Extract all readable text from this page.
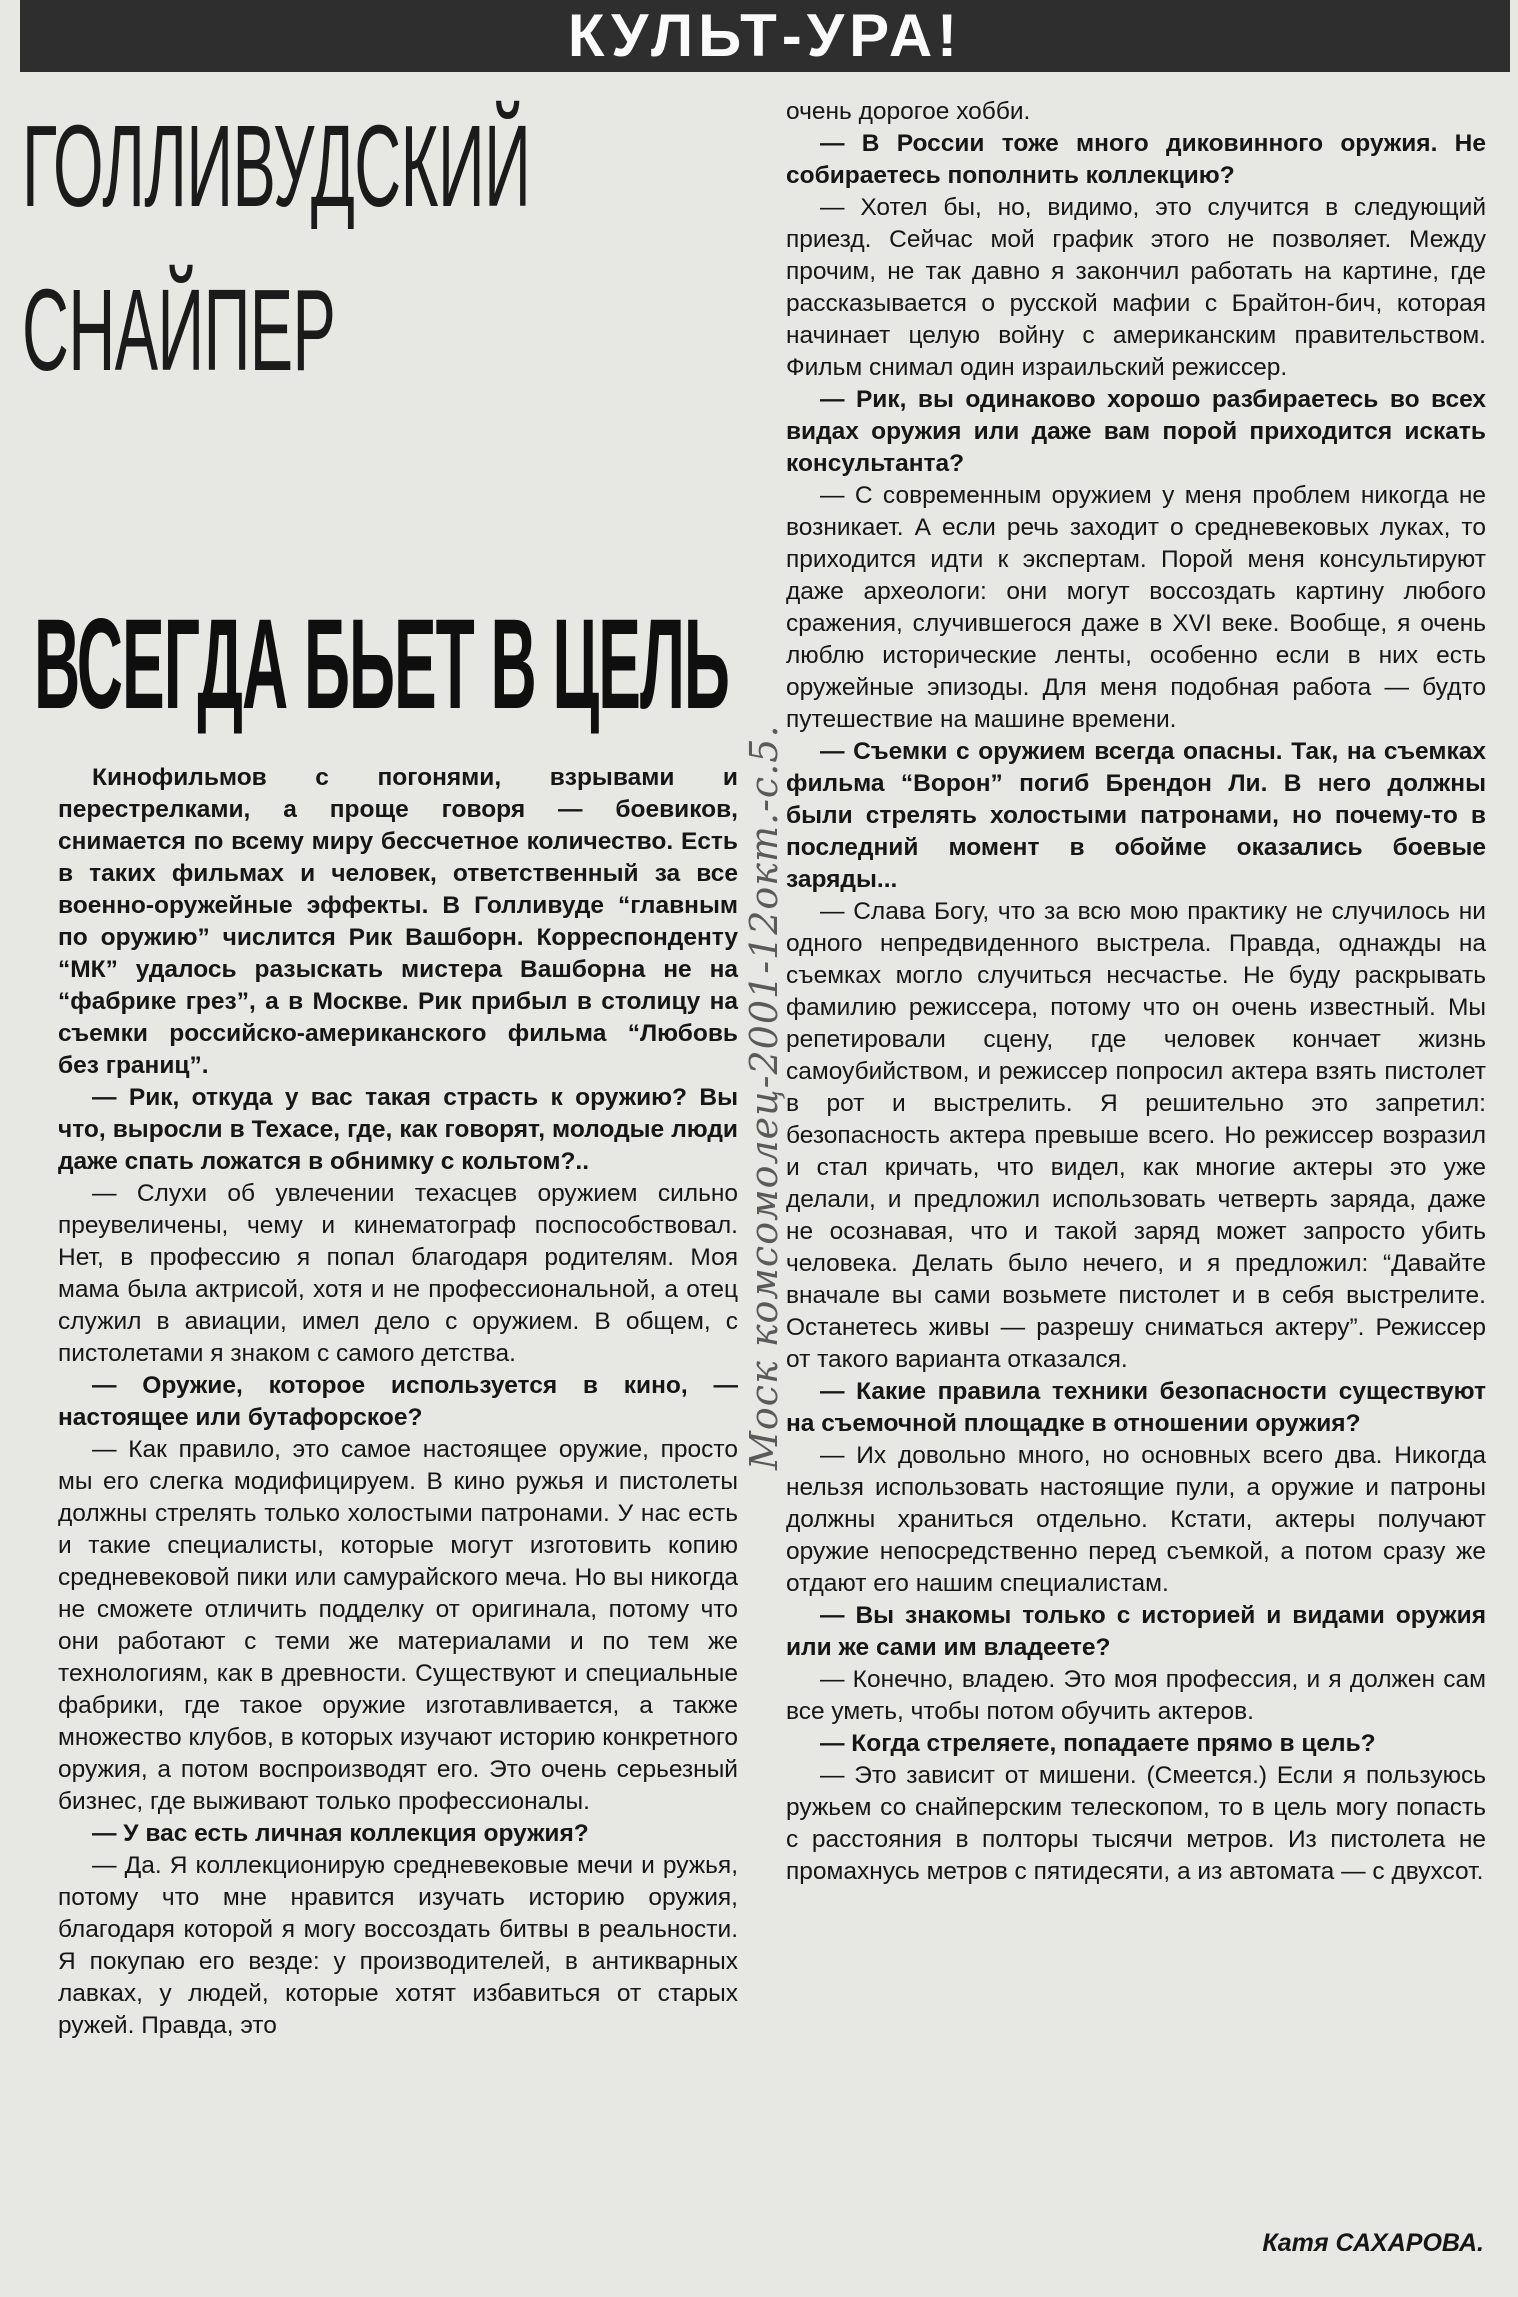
КУЛЬТ-УРА!
ГОЛЛИВУДСКИЙ
СНАЙПЕР
ВСЕГДА БЬЕТ В ЦЕЛЬ

Кинофильмов с погонями, взрывами и перестрелками, а проще говоря — боевиков, снимается по всему миру бессчетное количество. Есть в таких фильмах и человек, ответственный за все военно-оружейные эффекты. В Голливуде “главным по оружию” числится Рик Вашборн. Корреспонденту “МК” удалось разыскать мистера Вашборна не на “фабрике грез”, а в Москве. Рик прибыл в столицу на съемки российско-американского фильма “Любовь без границ”.

— Рик, откуда у вас такая страсть к оружию? Вы что, выросли в Техасе, где, как говорят, молодые люди даже спать ложатся в обнимку с кольтом?..

— Слухи об увлечении техасцев оружием сильно преувеличены, чему и кинематограф поспособствовал. Нет, в профессию я попал благодаря родителям. Моя мама была актрисой, хотя и не профессиональной, а отец служил в авиации, имел дело с оружием. В общем, с пистолетами я знаком с самого детства.

— Оружие, которое используется в кино, — настоящее или бутафорское?

— Как правило, это самое настоящее оружие, просто мы его слегка модифицируем. В кино ружья и пистолеты должны стрелять только холостыми патронами. У нас есть и такие специалисты, которые могут изготовить копию средневековой пики или самурайского меча. Но вы никогда не сможете отличить подделку от оригинала, потому что они работают с теми же материалами и по тем же технологиям, как в древности. Существуют и специальные фабрики, где такое оружие изготавливается, а также множество клубов, в которых изучают историю конкретного оружия, а потом воспроизводят его. Это очень серьезный бизнес, где выживают только профессионалы.

— У вас есть личная коллекция оружия?

— Да. Я коллекционирую средневековые мечи и ружья, потому что мне нравится изучать историю оружия, благодаря которой я могу воссоздать битвы в реальности. Я покупаю его везде: у производителей, в антикварных лавках, у людей, которые хотят избавиться от старых ружей. Правда, это

Моск комсомолец-2001-12окт.-с.5.

очень дорогое хобби.

— В России тоже много диковинного оружия. Не собираетесь пополнить коллекцию?

— Хотел бы, но, видимо, это случится в следующий приезд. Сейчас мой график этого не позволяет. Между прочим, не так давно я закончил работать на картине, где рассказывается о русской мафии с Брайтон-бич, которая начинает целую войну с американским правительством. Фильм снимал один израильский режиссер.

— Рик, вы одинаково хорошо разбираетесь во всех видах оружия или даже вам порой приходится искать консультанта?

— С современным оружием у меня проблем никогда не возникает. А если речь заходит о средневековых луках, то приходится идти к экспертам. Порой меня консультируют даже археологи: они могут воссоздать картину любого сражения, случившегося даже в XVI веке. Вообще, я очень люблю исторические ленты, особенно если в них есть оружейные эпизоды. Для меня подобная работа — будто путешествие на машине времени.

— Съемки с оружием всегда опасны. Так, на съемках фильма “Ворон” погиб Брендон Ли. В него должны были стрелять холостыми патронами, но почему-то в последний момент в обойме оказались боевые заряды...

— Слава Богу, что за всю мою практику не случилось ни одного непредвиденного выстрела. Правда, однажды на съемках могло случиться несчастье. Не буду раскрывать фамилию режиссера, потому что он очень известный. Мы репетировали сцену, где человек кончает жизнь самоубийством, и режиссер попросил актера взять пистолет в рот и выстрелить. Я решительно это запретил: безопасность актера превыше всего. Но режиссер возразил и стал кричать, что видел, как многие актеры это уже делали, и предложил использовать четверть заряда, даже не осознавая, что и такой заряд может запросто убить человека. Делать было нечего, и я предложил: “Давайте вначале вы сами возьмете пистолет и в себя выстрелите. Останетесь живы — разрешу сниматься актеру”. Режиссер от такого варианта отказался.

— Какие правила техники безопасности существуют на съемочной площадке в отношении оружия?

— Их довольно много, но основных всего два. Никогда нельзя использовать настоящие пули, а оружие и патроны должны храниться отдельно. Кстати, актеры получают оружие непосредственно перед съемкой, а потом сразу же отдают его нашим специалистам.

— Вы знакомы только с историей и видами оружия или же сами им владеете?

— Конечно, владею. Это моя профессия, и я должен сам все уметь, чтобы потом обучить актеров.

— Когда стреляете, попадаете прямо в цель?

— Это зависит от мишени. (Смеется.) Если я пользуюсь ружьем со снайперским телескопом, то в цель могу попасть с расстояния в полторы тысячи метров. Из пистолета не промахнусь метров с пятидесяти, а из автомата — с двухсот.

Катя САХАРОВА.
